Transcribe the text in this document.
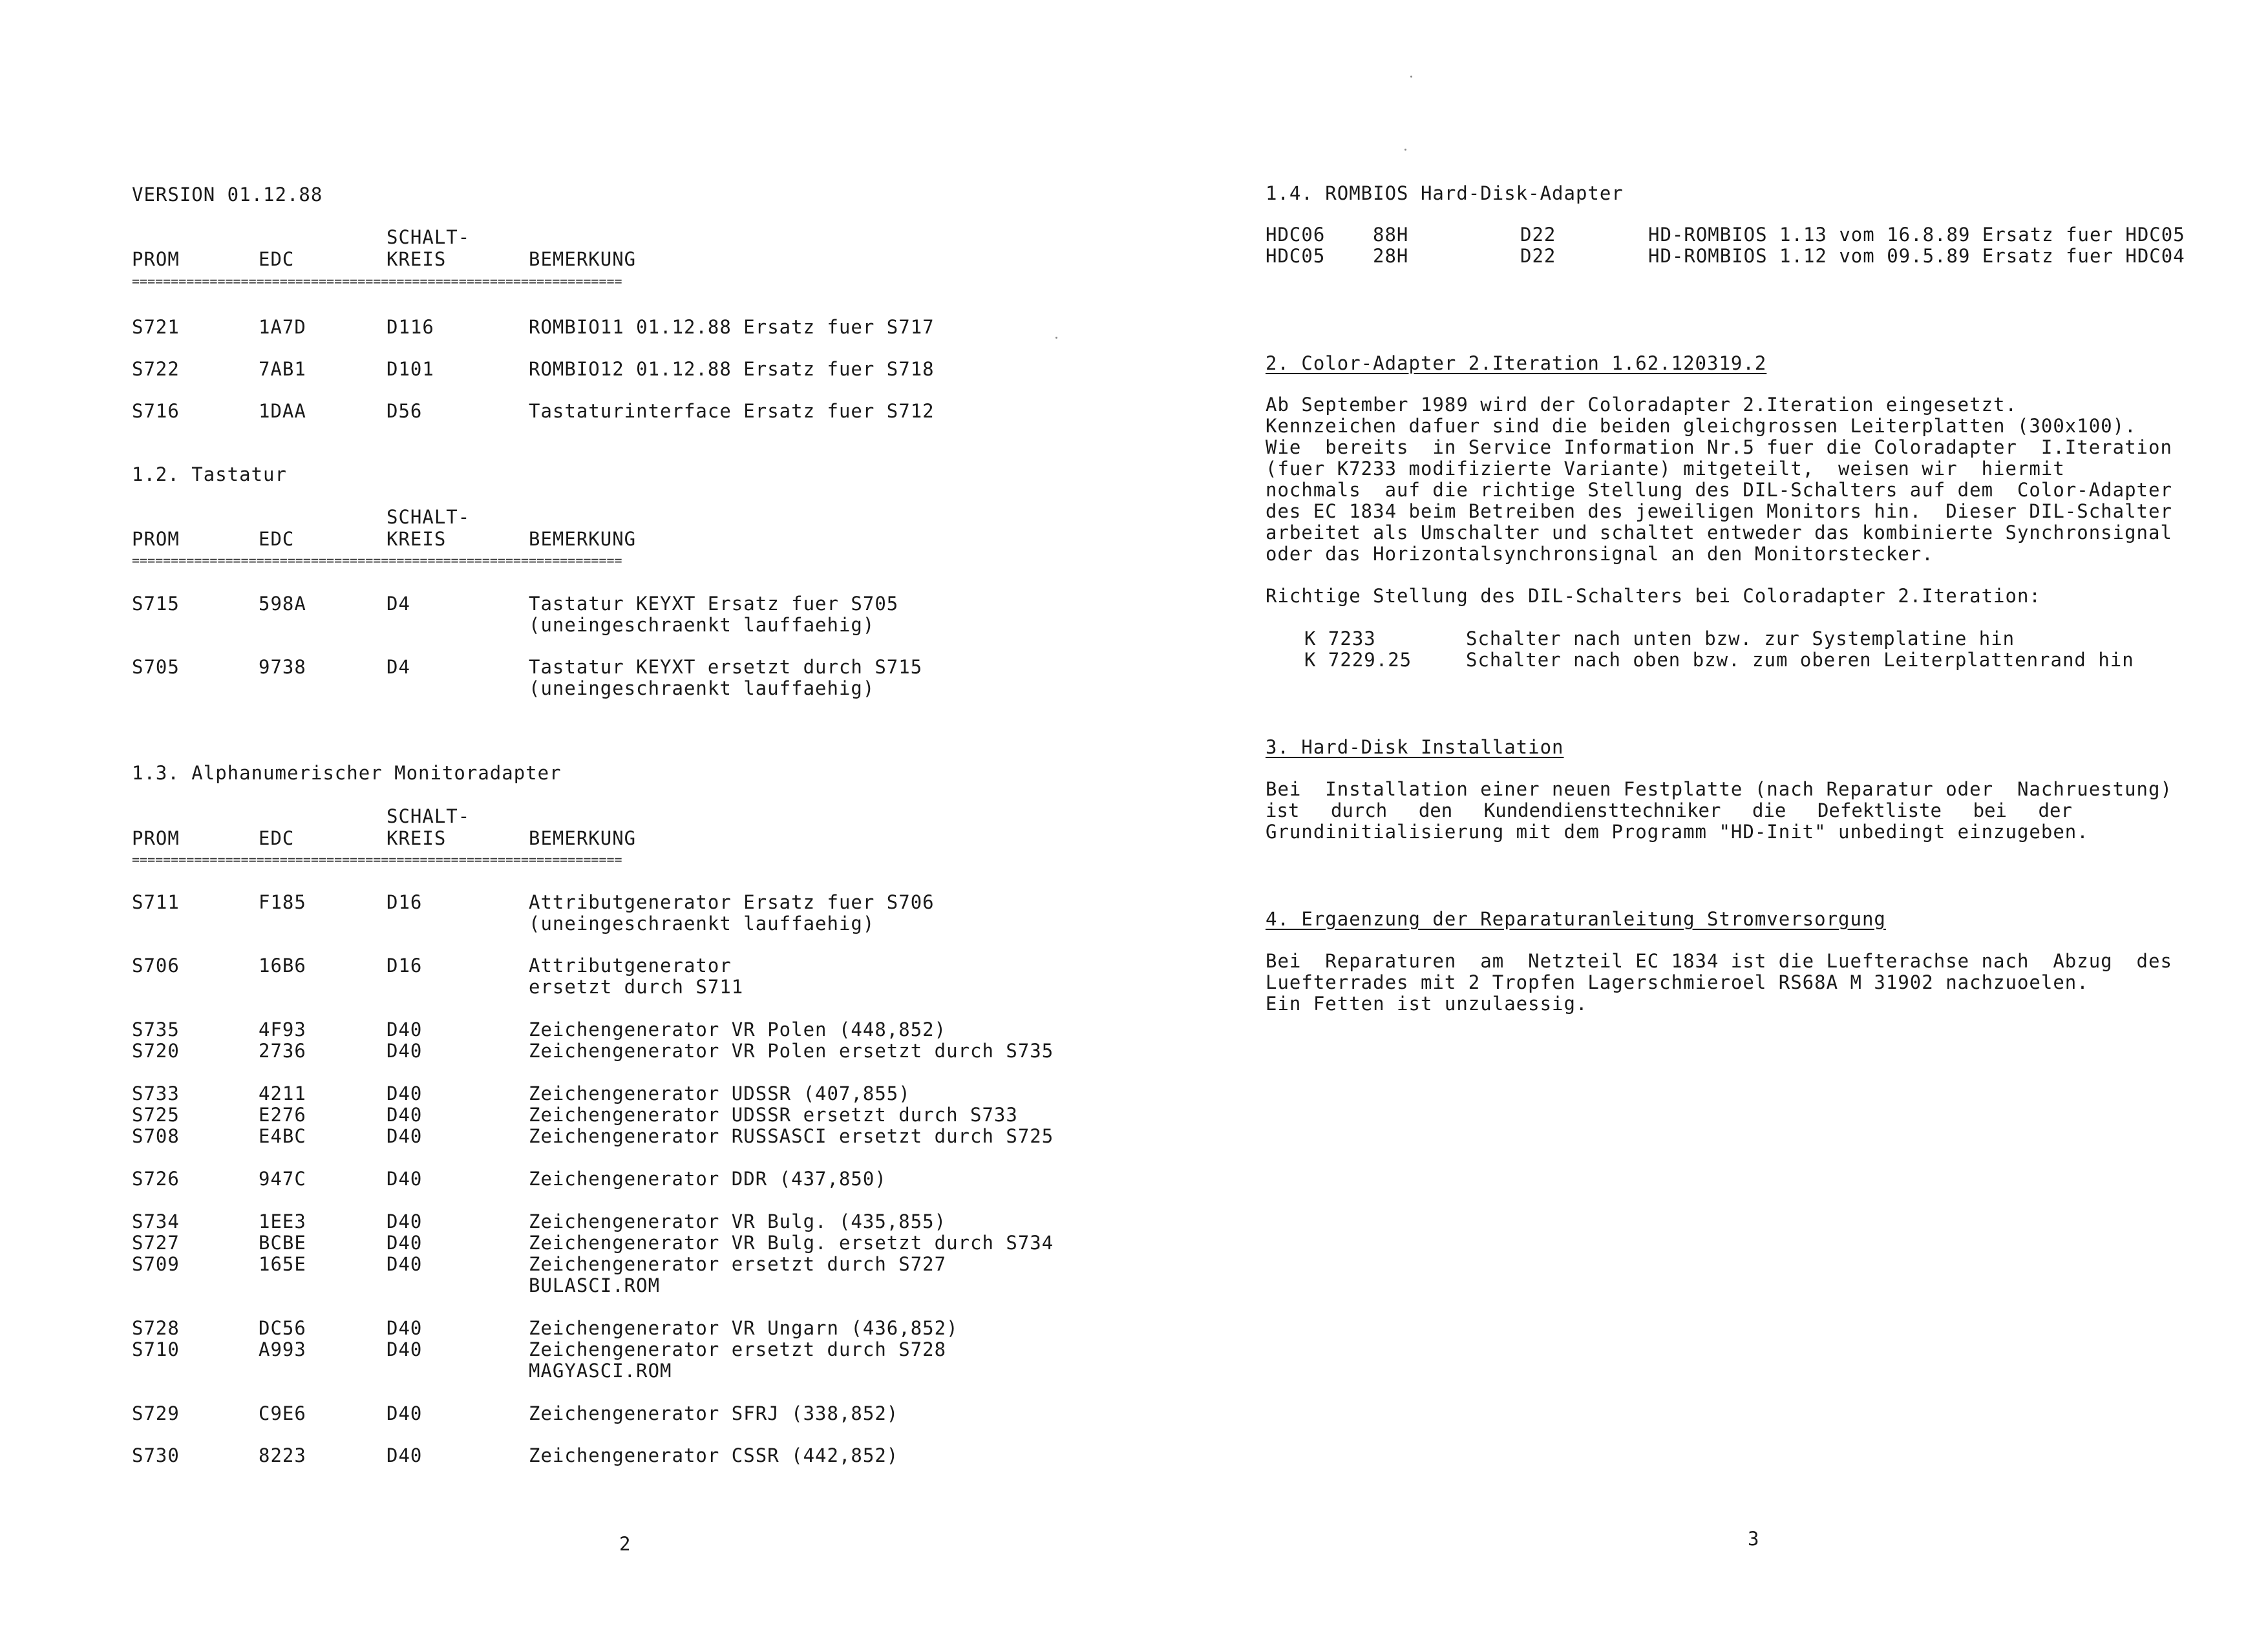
VERSION 01.12.88
SCHALT-
PROM	EDC	KREIS	BEMERKUNG
===============================================================
S721	1A7D	D116	ROMBIO11 01.12.88 Ersatz fuer S717
S722	7AB1	D101	ROMBIO12 01.12.88 Ersatz fuer S718
S716	1DAA	D56	Tastaturinterface Ersatz fuer S712
1.2. Tastatur
SCHALT-
PROM	EDC	KREIS	BEMERKUNG
===============================================================
S715	598A	D4	Tastatur KEYXT Ersatz fuer S705
(uneingeschraenkt lauffaehig)
S705	9738	D4	Tastatur KEYXT ersetzt durch S715
(uneingeschraenkt lauffaehig)
1.3. Alphanumerischer Monitoradapter
SCHALT-
PROM	EDC	KREIS	BEMERKUNG
===============================================================
S711	F185	D16	Attributgenerator Ersatz fuer S706
(uneingeschraenkt lauffaehig)
S706	16B6	D16	Attributgenerator
ersetzt durch S711
S735	4F93	D40	Zeichengenerator VR Polen (448,852)
S720	2736	D40	Zeichengenerator VR Polen ersetzt durch S735
S733	4211	D40	Zeichengenerator UDSSR (407,855)
S725	E276	D40	Zeichengenerator UDSSR ersetzt durch S733
S708	E4BC	D40	Zeichengenerator RUSSASCI ersetzt durch S725
S726	947C	D40	Zeichengenerator DDR (437,850)
S734	1EE3	D40	Zeichengenerator VR Bulg. (435,855)
S727	BCBE	D40	Zeichengenerator VR Bulg. ersetzt durch S734
S709	165E	D40	Zeichengenerator ersetzt durch S727
BULASCI.ROM
S728	DC56	D40	Zeichengenerator VR Ungarn (436,852)
S710	A993	D40	Zeichengenerator ersetzt durch S728
MAGYASCI.ROM
S729	C9E6	D40	Zeichengenerator SFRJ (338,852)
S730	8223	D40	Zeichengenerator CSSR (442,852)
2
1.4. ROMBIOS Hard-Disk-Adapter
HDC06	88H	D22	HD-ROMBIOS 1.13 vom 16.8.89 Ersatz fuer HDC05
HDC05	28H	D22	HD-ROMBIOS 1.12 vom 09.5.89 Ersatz fuer HDC04
2. Color-Adapter 2.Iteration 1.62.120319.2
Ab September 1989 wird der Coloradapter 2.Iteration eingesetzt.
Kennzeichen dafuer sind die beiden gleichgrossen Leiterplatten (300x100).
Wie  bereits  in Service Information Nr.5 fuer die Coloradapter  I.Iteration
(fuer K7233 modifizierte Variante) mitgeteilt,  weisen wir  hiermit
nochmals  auf die richtige Stellung des DIL-Schalters auf dem  Color-Adapter
des EC 1834 beim Betreiben des jeweiligen Monitors hin.  Dieser DIL-Schalter
arbeitet als Umschalter und schaltet entweder das kombinierte Synchronsignal
oder das Horizontalsynchronsignal an den Monitorstecker.
Richtige Stellung des DIL-Schalters bei Coloradapter 2.Iteration:
K 7233	Schalter nach unten bzw. zur Systemplatine hin
K 7229.25	Schalter nach oben bzw. zum oberen Leiterplattenrand hin
3. Hard-Disk Installation
Bei  Installation einer neuen Festplatte (nach Reparatur oder  Nachruestung)
ist durch den Kundendiensttechniker die Defektliste bei der
Grundinitialisierung mit dem Programm "HD-Init" unbedingt einzugeben.
4. Ergaenzung der Reparaturanleitung Stromversorgung
Bei  Reparaturen  am  Netzteil EC 1834 ist die Luefterachse nach  Abzug  des
Luefterrades mit 2 Tropfen Lagerschmieroel RS68A M 31902 nachzuoelen.
Ein Fetten ist unzulaessig.
3
